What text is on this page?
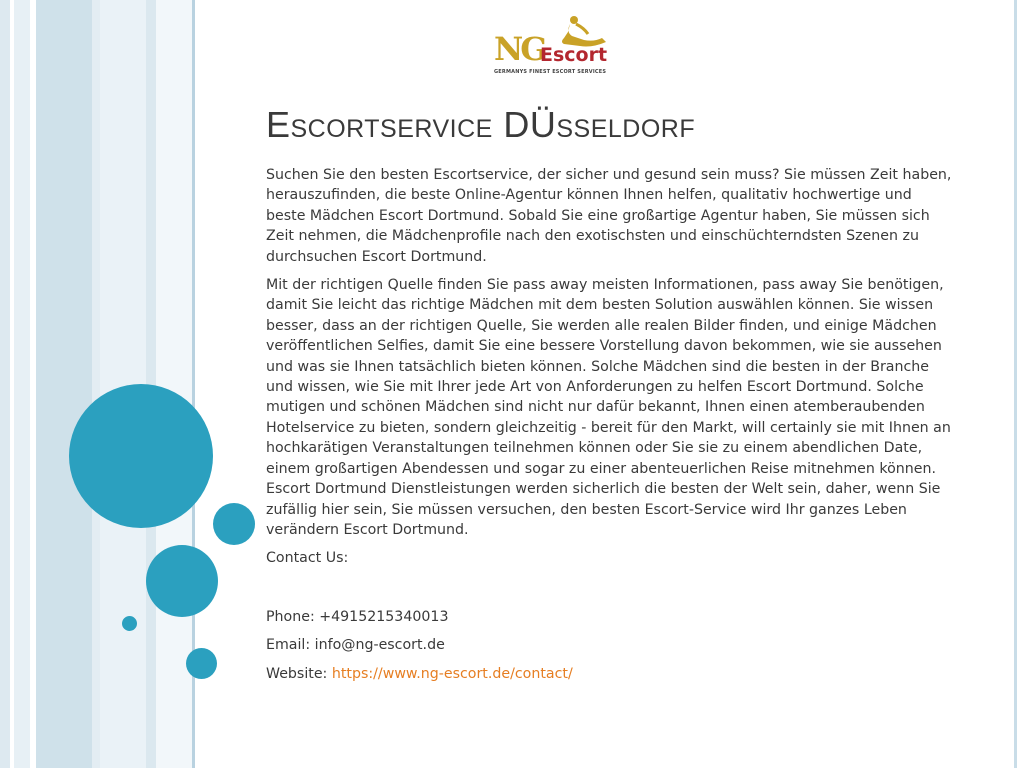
NG
Escort
GERMANYS FINEST ESCORT SERVICES
Escortservice DÜsseldorf

Suchen Sie den besten Escortservice, der sicher und gesund sein muss? Sie müssen Zeit haben, herauszufinden, die beste Online-Agentur können Ihnen helfen, qualitativ hochwertige und beste Mädchen Escort Dortmund. Sobald Sie eine großartige Agentur haben, Sie müssen sich Zeit nehmen, die Mädchenprofile nach den exotischsten und einschüchterndsten Szenen zu durchsuchen Escort Dortmund.

Mit der richtigen Quelle finden Sie pass away meisten Informationen, pass away Sie benötigen, damit Sie leicht das richtige Mädchen mit dem besten Solution auswählen können. Sie wissen besser, dass an der richtigen Quelle, Sie werden alle realen Bilder finden, und einige Mädchen veröffentlichen Selfies, damit Sie eine bessere Vorstellung davon bekommen, wie sie aussehen und was sie Ihnen tatsächlich bieten können. Solche Mädchen sind die besten in der Branche und wissen, wie Sie mit Ihrer jede Art von Anforderungen zu helfen Escort Dortmund. Solche mutigen und schönen Mädchen sind nicht nur dafür bekannt, Ihnen einen atemberaubenden Hotelservice zu bieten, sondern gleichzeitig - bereit für den Markt, will certainly sie mit Ihnen an hochkarätigen Veranstaltungen teilnehmen können oder Sie sie zu einem abendlichen Date, einem großartigen Abendessen und sogar zu einer abenteuerlichen Reise mitnehmen können. Escort Dortmund Dienstleistungen werden sicherlich die besten der Welt sein, daher, wenn Sie zufällig hier sein, Sie müssen versuchen, den besten Escort-Service wird Ihr ganzes Leben verändern Escort Dortmund.

Contact Us:

Phone: +4915215340013

Email: info@ng-escort.de

Website: https://www.ng-escort.de/contact/
